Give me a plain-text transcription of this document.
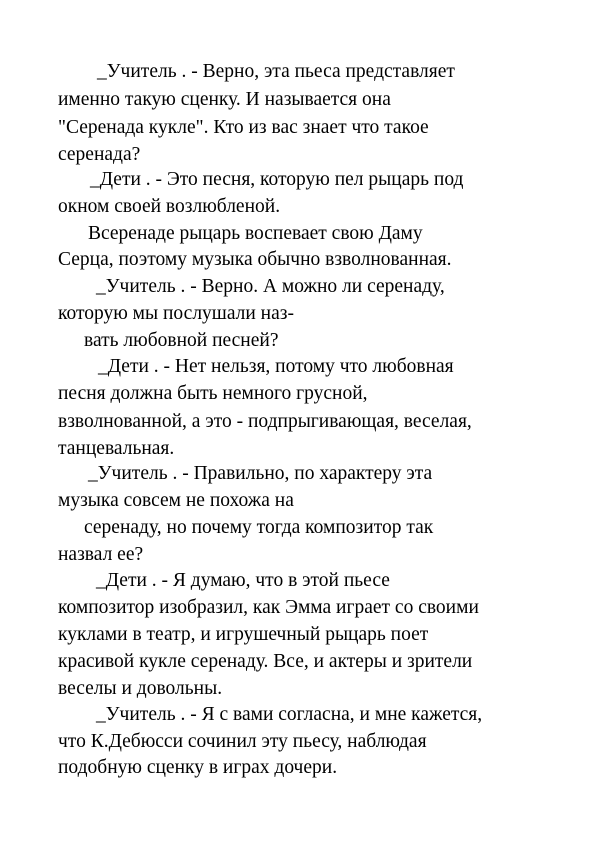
_Учитель . - Верно, эта пьеса представляет
именно такую сценку. И называется она
"Серенада кукле". Кто из вас знает что такое
серенада?
_Дети . - Это песня, которую пел рыцарь под
окном своей возлюбленой.
Всеренаде рыцарь воспевает свою Даму
Серца, поэтому музыка обычно взволнованная.
_Учитель . - Верно. А можно ли серенаду,
которую мы послушали наз-
вать любовной песней?
_Дети . - Нет нельзя, потому что любовная
песня должна быть немного грусной,
взволнованной, а это - подпрыгивающая, веселая,
танцевальная.
_Учитель . - Правильно, по характеру эта
музыка совсем не похожа на
серенаду, но почему тогда композитор так
назвал ее?
_Дети . - Я думаю, что в этой пьесе
композитор изобразил, как Эмма играет со своими
куклами в театр, и игрушечный рыцарь поет
красивой кукле серенаду. Все, и актеры и зрители
веселы и довольны.
_Учитель . - Я с вами согласна, и мне кажется,
что К.Дебюсси сочинил эту пьесу, наблюдая
подобную сценку в играх дочери.
